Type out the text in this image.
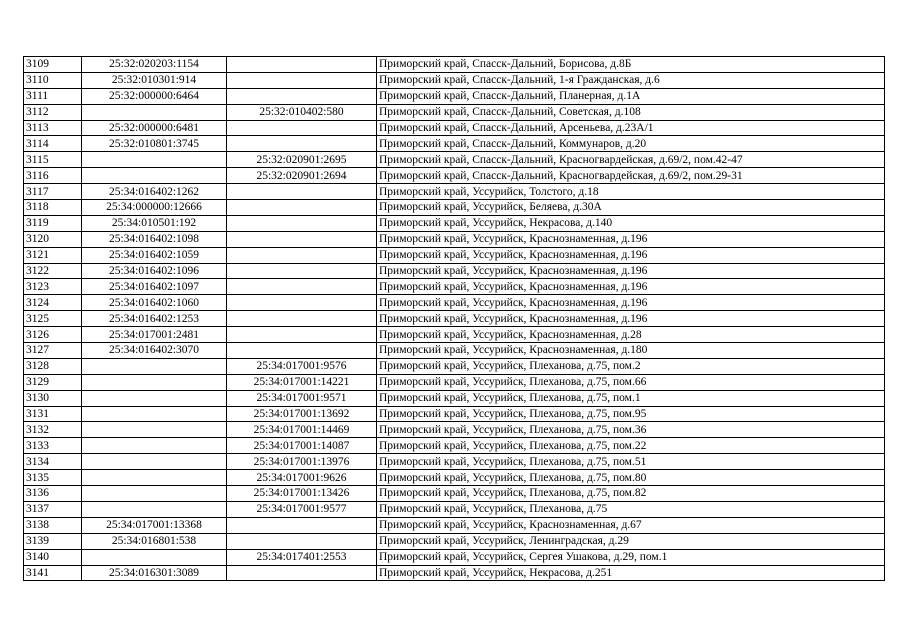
3109	25:32:020203:1154		Приморский край, Спасск-Дальний, Борисова, д.8Б
3110	25:32:010301:914		Приморский край, Спасск-Дальний, 1-я Гражданская, д.6
3111	25:32:000000:6464		Приморский край, Спасск-Дальний, Планерная, д.1А
3112		25:32:010402:580	Приморский край, Спасск-Дальний, Советская, д.108
3113	25:32:000000:6481		Приморский край, Спасск-Дальний, Арсеньева, д.23А/1
3114	25:32:010801:3745		Приморский край, Спасск-Дальний, Коммунаров, д.20
3115		25:32:020901:2695	Приморский край, Спасск-Дальний, Красногвардейская, д.69/2, пом.42-47
3116		25:32:020901:2694	Приморский край, Спасск-Дальний, Красногвардейская, д.69/2, пом.29-31
3117	25:34:016402:1262		Приморский край, Уссурийск, Толстого, д.18
3118	25:34:000000:12666		Приморский край, Уссурийск, Беляева, д.30А
3119	25:34:010501:192		Приморский край, Уссурийск, Некрасова, д.140
3120	25:34:016402:1098		Приморский край, Уссурийск, Краснознаменная, д.196
3121	25:34:016402:1059		Приморский край, Уссурийск, Краснознаменная, д.196
3122	25:34:016402:1096		Приморский край, Уссурийск, Краснознаменная, д.196
3123	25:34:016402:1097		Приморский край, Уссурийск, Краснознаменная, д.196
3124	25:34:016402:1060		Приморский край, Уссурийск, Краснознаменная, д.196
3125	25:34:016402:1253		Приморский край, Уссурийск, Краснознаменная, д.196
3126	25:34:017001:2481		Приморский край, Уссурийск, Краснознаменная, д.28
3127	25:34:016402:3070		Приморский край, Уссурийск, Краснознаменная, д.180
3128		25:34:017001:9576	Приморский край, Уссурийск, Плеханова, д.75, пом.2
3129		25:34:017001:14221	Приморский край, Уссурийск, Плеханова, д.75, пом.66
3130		25:34:017001:9571	Приморский край, Уссурийск, Плеханова, д.75, пом.1
3131		25:34:017001:13692	Приморский край, Уссурийск, Плеханова, д.75, пом.95
3132		25:34:017001:14469	Приморский край, Уссурийск, Плеханова, д.75, пом.36
3133		25:34:017001:14087	Приморский край, Уссурийск, Плеханова, д.75, пом.22
3134		25:34:017001:13976	Приморский край, Уссурийск, Плеханова, д.75, пом.51
3135		25:34:017001:9626	Приморский край, Уссурийск, Плеханова, д.75, пом.80
3136		25:34:017001:13426	Приморский край, Уссурийск, Плеханова, д.75, пом.82
3137		25:34:017001:9577	Приморский край, Уссурийск, Плеханова, д.75
3138	25:34:017001:13368		Приморский край, Уссурийск, Краснознаменная, д.67
3139	25:34:016801:538		Приморский край, Уссурийск, Ленинградская, д.29
3140		25:34:017401:2553	Приморский край, Уссурийск, Сергея Ушакова, д.29, пом.1
3141	25:34:016301:3089		Приморский край, Уссурийск, Некрасова, д.251
